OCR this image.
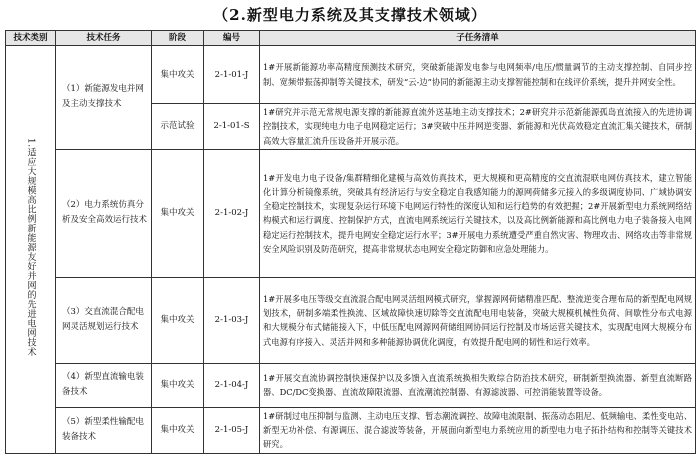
（2.新型电力系统及其支撑技术领域）
技术类别	技术任务	阶段	编号	子任务清单
1.适应大规模高比例新能源友好并网的先进电网技术	（1）新能源发电并网及主动支撑技术	集中攻关	2-1-01-J	1#开展新能源功率高精度预测技术研究，突破新能源发电参与电网频率/电压/惯量调节的主动支撑控制、自同步控制、宽频带振荡抑制等关键技术，研发“云-边”协同的新能源主动支撑智能控制和在线评价系统，提升并网安全性。
		示范试验	2-1-01-S	1#研究并示范无常规电源支撑的新能源直流外送基地主动支撑技术；2#研究并示范新能源孤岛直流接入的先进协调控制技术，实现纯电力电子电网稳定运行；3#突破中压并网逆变器、新能源和光伏高效稳定直流汇集关键技术，研制高效大容量汇流升压设备并开展示范。
	（2）电力系统仿真分析及安全高效运行技术	集中攻关	2-1-02-J	1#开发电力电子设备/集群精细化建模与高效仿真技术，更大规模和更高精度的交直流混联电网仿真技术，建立智能化计算分析镜像系统，突破具有经济运行与安全稳定自我感知能力的源网荷储多元接入的多级调度协同、广域协调安全稳定控制技术，实现复杂运行环境下电网运行特性的深度认知和运行趋势的有效把握；2#开展新型电力系统网络结构模式和运行调度、控制保护方式，直流电网系统运行关键技术，以及高比例新能源和高比例电力电子装备接入电网稳定运行控制技术，提升电网安全稳定运行水平；3#开展电力系统遭受严重自然灾害、物理攻击、网络攻击等非常规安全风险识别及防范研究，提高非常规状态电网安全稳定防御和应急处理能力。
	（3）交直流混合配电网灵活规划运行技术	集中攻关	2-1-03-J	1#开展多电压等级交直流混合配电网灵活组网模式研究，掌握源网荷储精准匹配、整流逆变合理布局的新型配电网规划技术，研制多端柔性换流、区域故障快速切除等交直流配电用电装备，突破大规模机械性负荷、间歇性分布式电源和大规模分布式储能接入下，中低压配电网源网荷储组网协同运行控制及市场运营关键技术，实现配电网大规模分布式电源有序接入、灵活并网和多种能源协调优化调度，有效提升配电网的韧性和运行效率。
	（4）新型直流输电装备技术	集中攻关	2-1-04-J	1#开展交直流协调控制快速保护以及多馈入直流系统换相失败综合防治技术研究，研制新型换流器、新型直流断路器、DC/DC变换器、直流故障限流器、直流潮流控制器、有源滤波器、可控消能装置等设备。
	（5）新型柔性输配电装备技术	集中攻关	2-1-05-J	1#研制过电压抑制与监测、主动电压支撑、暂态潮流调控、故障电流限制、振荡动态阻尼、低频输电、柔性变电站、新型无功补偿、有源调压、混合滤波等装备，开展面向新型电力系统应用的新型电力电子拓扑结构和控制等关键技术研究。
